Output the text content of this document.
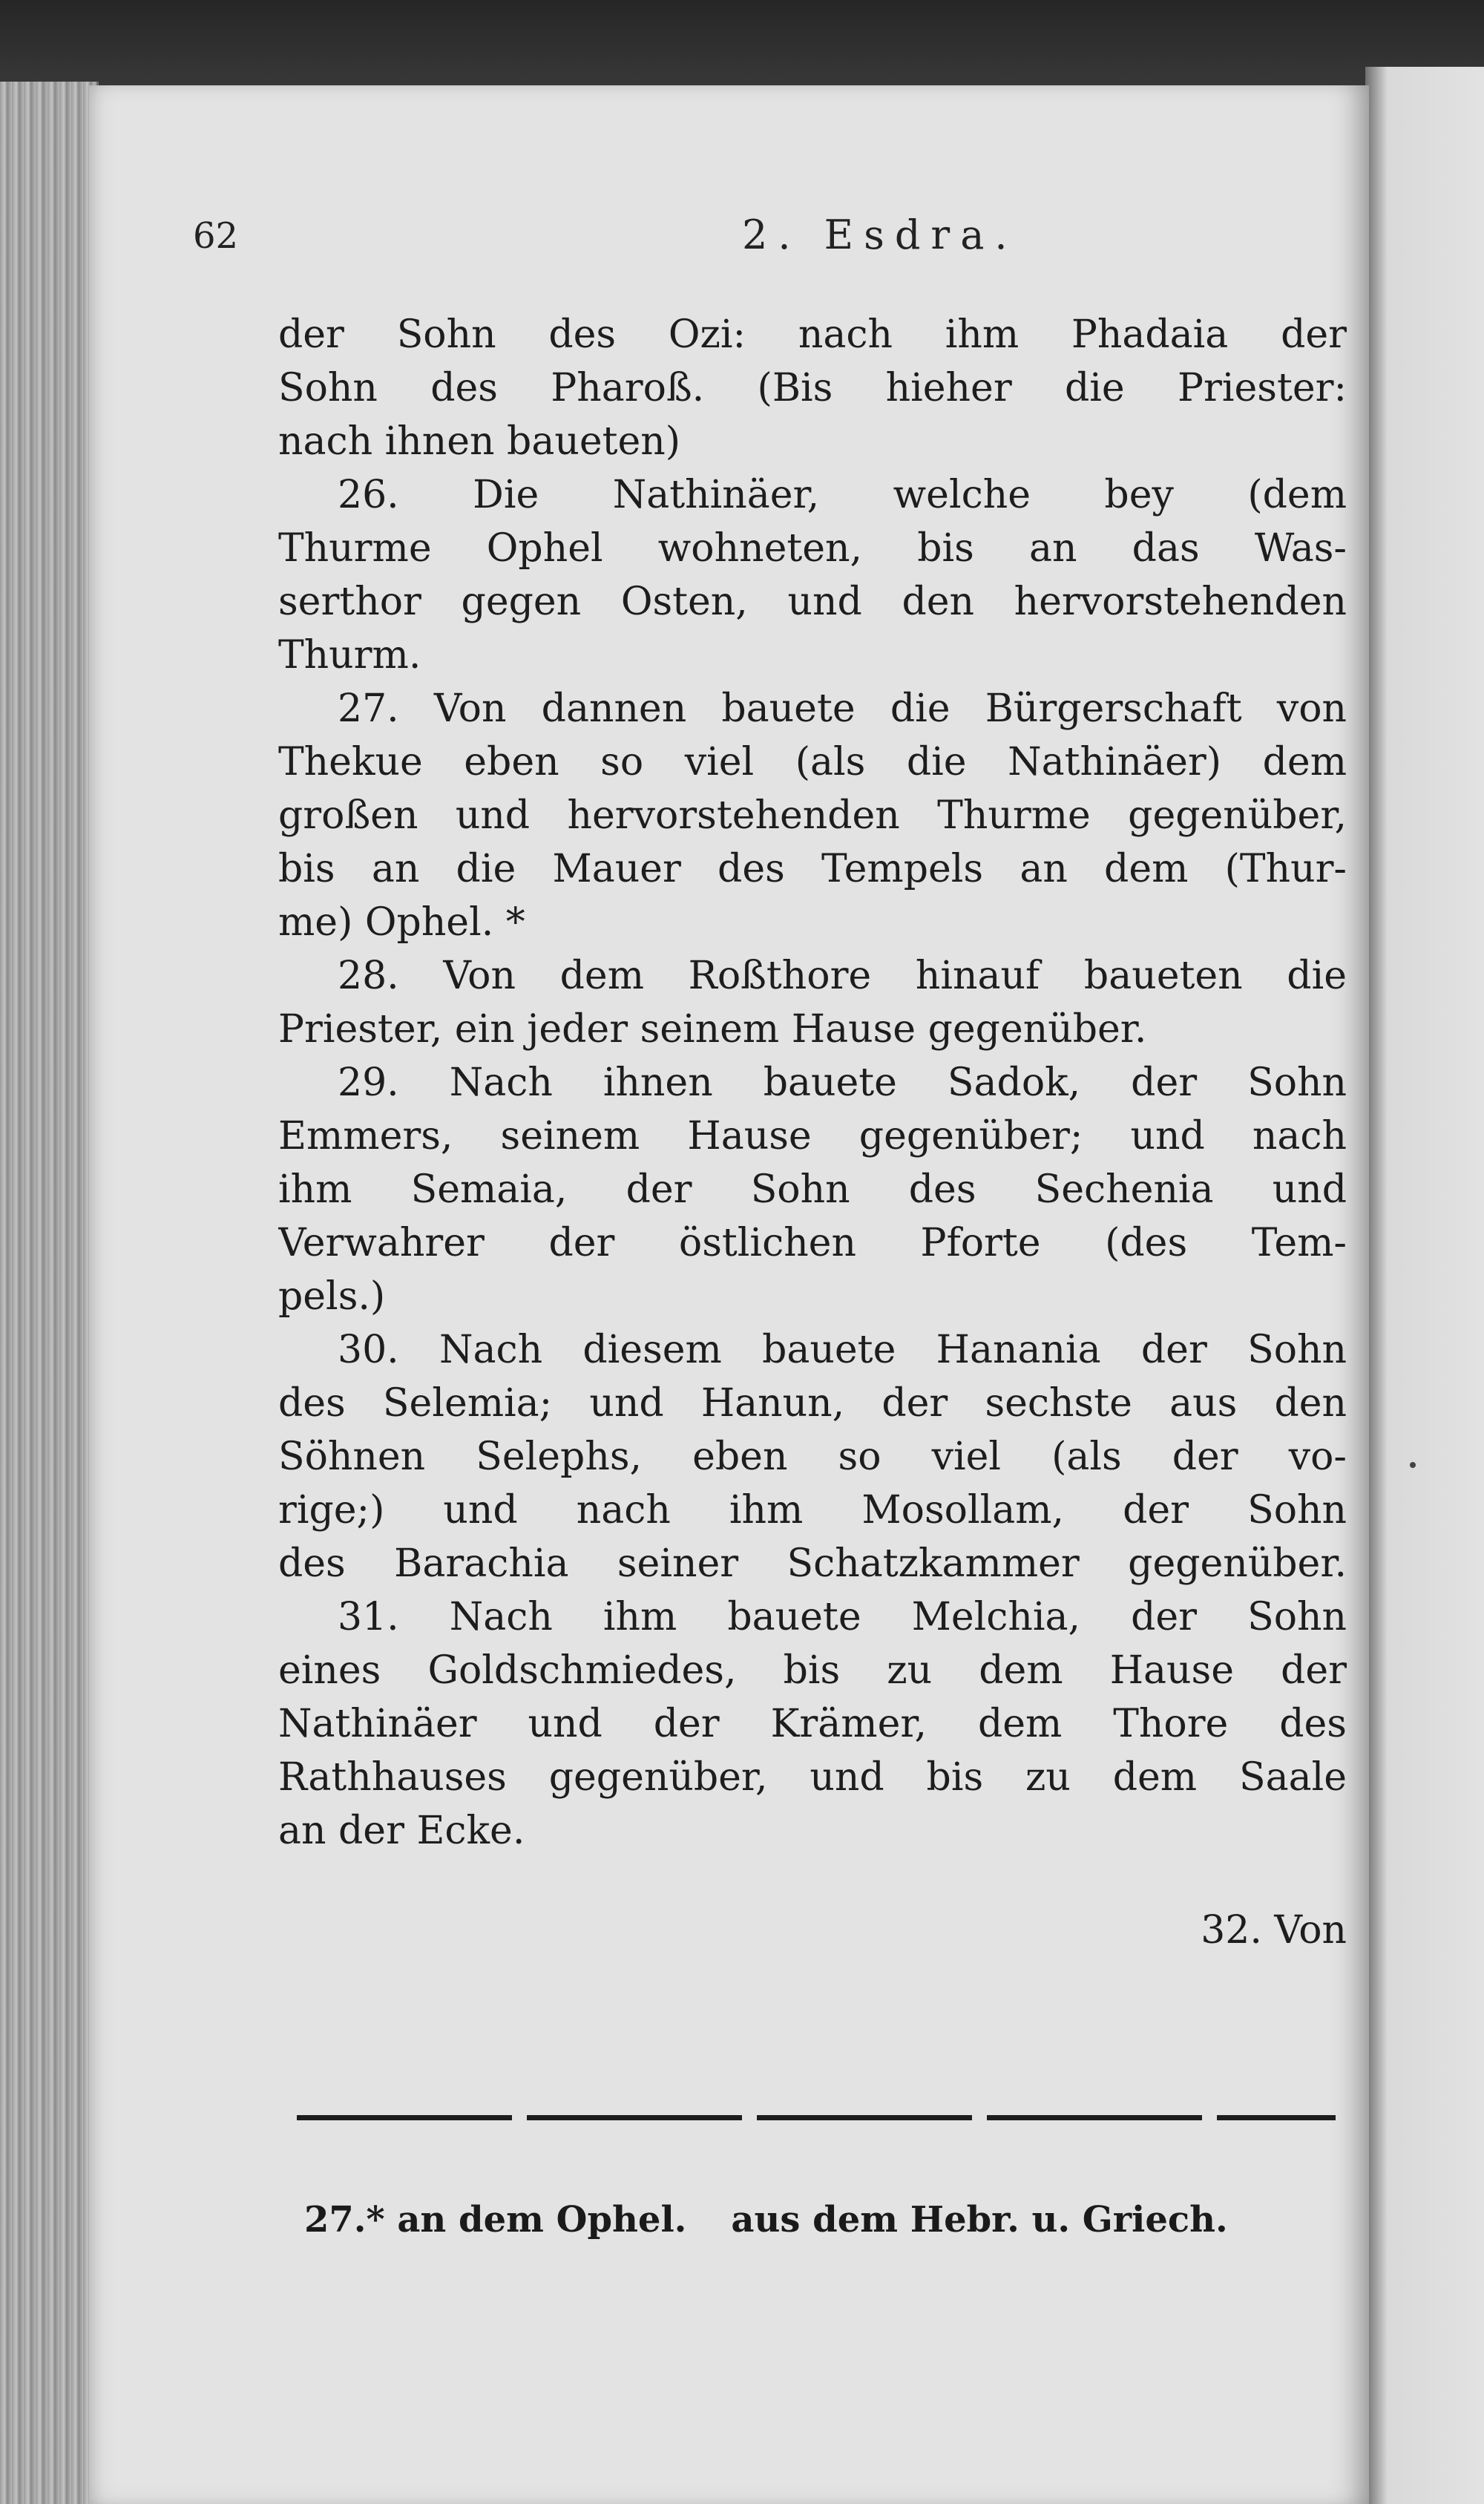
62	2. Esdra.
der Sohn des Ozi: nach ihm Phadaia der
Sohn des Pharoß. (Bis hieher die Priester:
nach ihnen baueten)
26. Die Nathinäer, welche bey (dem
Thurme Ophel wohneten, bis an das Was-
serthor gegen Osten, und den hervorstehenden
Thurm.
27. Von dannen bauete die Bürgerschaft von
Thekue eben so viel (als die Nathinäer) dem
großen und hervorstehenden Thurme gegenüber,
bis an die Mauer des Tempels an dem (Thur-
me) Ophel. *
28. Von dem Roßthore hinauf baueten die
Priester, ein jeder seinem Hause gegenüber.
29. Nach ihnen bauete Sadok, der Sohn
Emmers, seinem Hause gegenüber; und nach
ihm Semaia, der Sohn des Sechenia und
Verwahrer der östlichen Pforte (des Tem-
pels.)
30. Nach diesem bauete Hanania der Sohn
des Selemia; und Hanun, der sechste aus den
Söhnen Selephs, eben so viel (als der vo-
rige;) und nach ihm Mosollam, der Sohn
des Barachia seiner Schatzkammer gegenüber.
31. Nach ihm bauete Melchia, der Sohn
eines Goldschmiedes, bis zu dem Hause der
Nathinäer und der Krämer, dem Thore des
Rathhauses gegenüber, und bis zu dem Saale
an der Ecke.
32. Von
27.* an dem Ophel. aus dem Hebr. u. Griech.
